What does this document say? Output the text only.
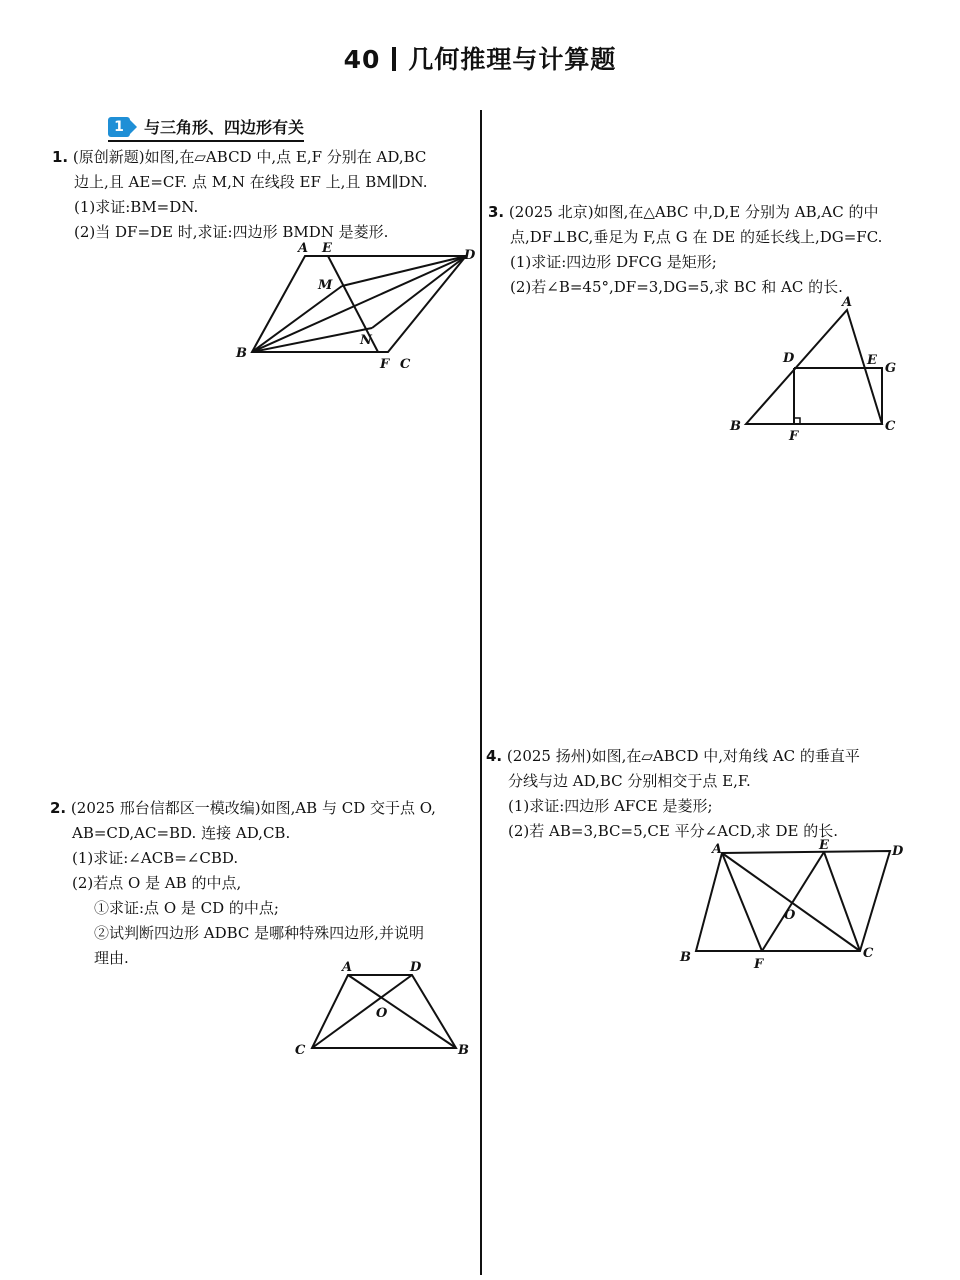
40 几何推理与计算题
1	与三角形、四边形有关
1. (原创新题)如图,在▱ABCD 中,点 E,F 分别在 AD,BC
边上,且 AE=CF. 点 M,N 在线段 EF 上,且 BM∥DN.
(1)求证:BM=DN.
(2)当 DF=DE 时,求证:四边形 BMDN 是菱形.
A E	D
M
B
N
F C
2. (2025 邢台信都区一模改编)如图,AB 与 CD 交于点 O,
AB=CD,AC=BD. 连接 AD,CB.
(1)求证:∠ACB=∠CBD.
(2)若点 O 是 AB 的中点,
①求证:点 O 是 CD 的中点;
②试判断四边形 ADBC 是哪种特殊四边形,并说明
理由.
A	D
O
C	B
3. (2025 北京)如图,在△ABC 中,D,E 分别为 AB,AC 的中
点,DF⊥BC,垂足为 F,点 G 在 DE 的延长线上,DG=FC.
(1)求证:四边形 DFCG 是矩形;
(2)若∠B=45°,DF=3,DG=5,求 BC 和 AC 的长.
A
D	E
G
B
F
C
4. (2025 扬州)如图,在▱ABCD 中,对角线 AC 的垂直平
分线与边 AD,BC 分别相交于点 E,F.
(1)求证:四边形 AFCE 是菱形;
(2)若 AB=3,BC=5,CE 平分∠ACD,求 DE 的长.
A	E	D
O
B	F
C
